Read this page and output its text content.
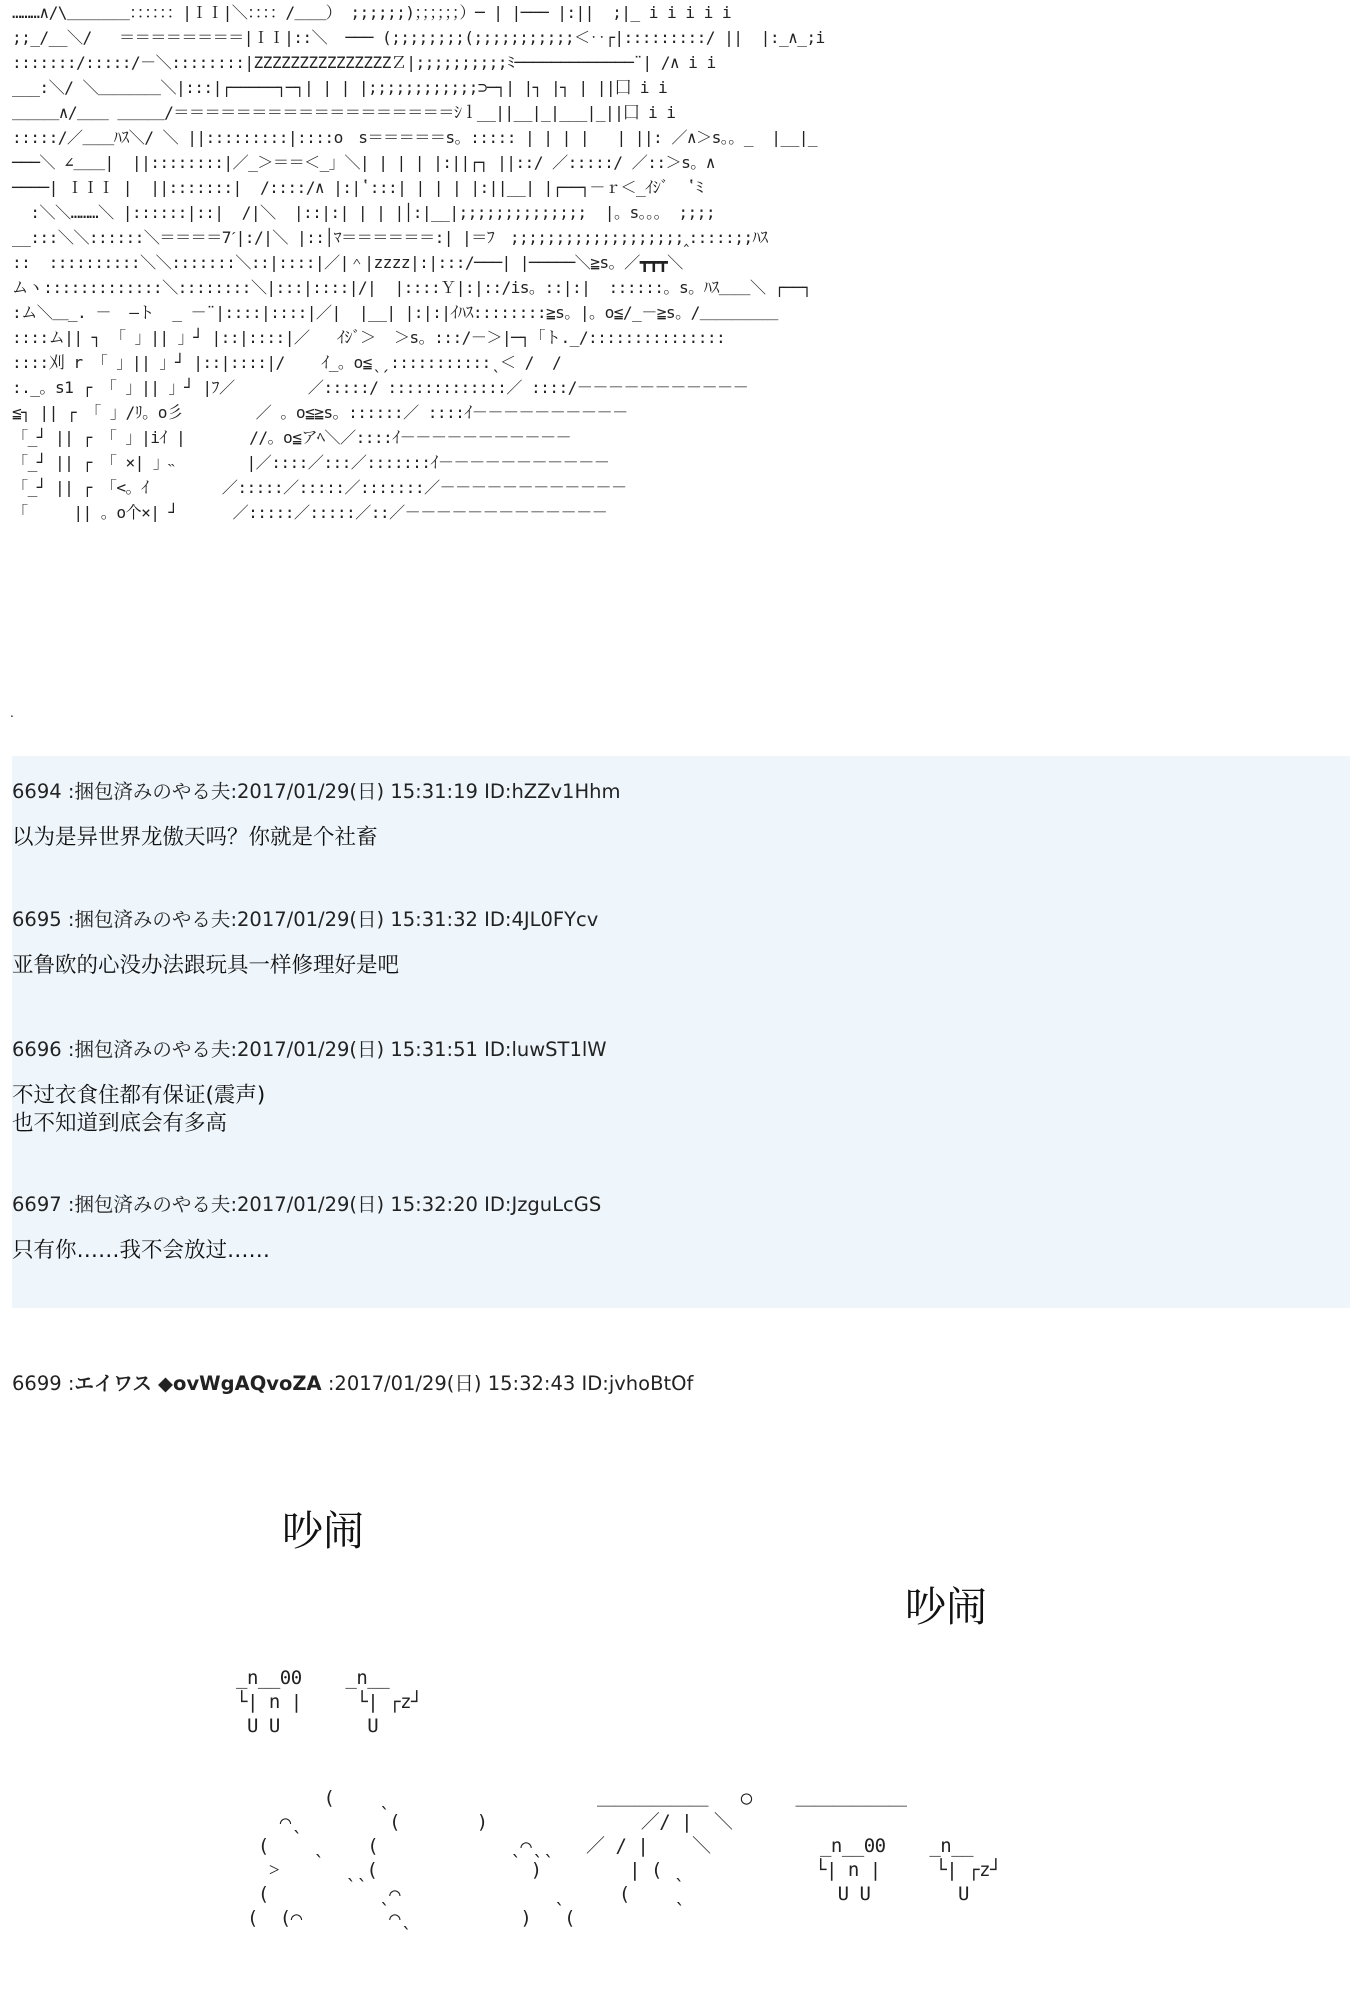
………∧/\＿＿＿＿：：：：：：|ＩＩ|＼：：：：/＿＿） ;;;;;;)；；；；；；）─ | |─── |:||  ;|_ i i i i i
;;_/__＼/   ＝＝＝＝＝＝＝＝|ＩＩ|::＼  ─── (;;;;;;;;(;;;;;;;;;;;＜‥┌|:::::::::/ ||  |:_∧_;i
:::::::/:::::/－＼::::::::|ZZZZZZZZZZZZZZZＺ|;;;;;;;;;;ﾐ─────────────¨| /∧ i i
___:＼/ ＼＿＿＿＿＼|:::|┌─────┐─┐| | | |;;;;;;;;;;;;⊃─┐| |┐ |┐ | ||囗 i i
＿＿＿∧/＿＿ ＿＿＿/＝＝＝＝＝＝＝＝＝＝＝＝＝＝＝＝＝＝ｼｌ__||__|_|___|_||囗 i i
:::::/／＿＿ﾊｽ＼/ ＼ ||:::::::::|::::o　s＝＝＝＝＝s。::::: | | | |   | ||: ／∧＞s。。_  |__|_
───＼ ∠＿＿|  ||::::::::|／_＞＝＝＜_」＼| | | | |:||┌┐ ||::/ ／:::::/ ／::＞s。∧
────| ＩＩＩ |  ||:::::::|  /::::/∧ |:|ʽ:::| | | | |:||__| |┌──┐－ｒ＜_ｲｼﾞ  ʽﾐ
:＼＼………＼ |::::::|::|  /|＼  |::|:| | | |│:|__|;;;;;;;;;;;;;;  |。s。。。 ;;;;
__:::＼＼::::::＼＝＝＝＝7ˊ|:/|＼ |::│ﾏ＝＝＝＝＝＝:| |＝ﾌ　;;;;;;;;;;;;;;;;;;;‸:::::;;ﾊｽ
::  ::::::::::＼＼:::::::＼::|::::|／|＾|zzzz|:|:::/───| |─────＼≧s。／┳┳┳＼
ムヽ:::::::::::::＼::::::::＼|:::|::::|/|  |::::Ｙ|:|::/is。::|:|  ::::::。s。ﾊｽ＿＿＼ ┌──┐
:ム＼＿_. －  —ト  _ －¨|::::|::::|／|  |__| |:|:|ｲﾊｽ::::::::≧s。|。o≦/_－≧s。/＿＿＿＿＿
::::ム|| ┐ 「 」|| 」┘ |::|::::|／   ｲｼﾞ＞  ＞s。:::/－＞|─┐「ト._/:::::::::::::::
::::刈 r 「 」|| 」┘ |::|::::|/    ｲ_。o≦ˎˏ:::::::::::ˎ＜ /  /
:._。s1 ┌ 「 」|| 」┘ |ﾌ／        ／:::::/ :::::::::::::／ ::::/－－－－－－－－－－－
≦┐ || ┌ 「 」/ﾘ。o彡        ／ 。o≦≧s。::::::／ ::::ｲ－－－－－－－－－－
「_┘ || ┌ 「 」|iｲ |       //。o≦アﾍ＼／::::ｲ－－－－－－－－－－－
「_┘ || ┌ 「 ×| 」˵        |／::::／:::／:::::::ｲ－－－－－－－－－－－
「_┘ || ┌ 「<。ｲ        ／:::::／:::::／:::::::／－－－－－－－－－－－－
「     || 。o个×| ┘      ／:::::／:::::／::／－－－－－－－－－－－－－
.
6694 :捆包済みのやる夫:2017/01/29(日) 15:31:19 ID:hZZv1Hhm
以为是异世界龙傲天吗？你就是个社畜
6695 :捆包済みのやる夫:2017/01/29(日) 15:31:32 ID:4JL0FYcv
亚鲁欧的心没办法跟玩具一样修理好是吧
6696 :捆包済みのやる夫:2017/01/29(日) 15:31:51 ID:luwST1lW
不过衣食住都有保证(震声)
也不知道到底会有多高
6697 :捆包済みのやる夫:2017/01/29(日) 15:32:20 ID:JzguLcGS
只有你……我不会放过……
6699 :エイワス ◆ovWgAQvoZA :2017/01/29(日) 15:32:43 ID:jvhoBtOf
吵闹
吵闹
_n__00    _n__
└| n |     └| ┌z┘
U U        U

(    ˎ                   ＿＿＿＿＿＿   ○    ＿＿＿＿＿＿
⌒ˎ        (       )              ／/ |  ＼
(    ˎ    (            ˎ⌒ˎˎ   ／ / |    ＼          _n__00    _n__
˃      ˎˎ(              )        | ( ˎ            └| n |     └| ┌z┘
(          ˎ⌒              ˎ     (    ˎ              U U        U
(  (⌒        ⌒ˎ          )   (
